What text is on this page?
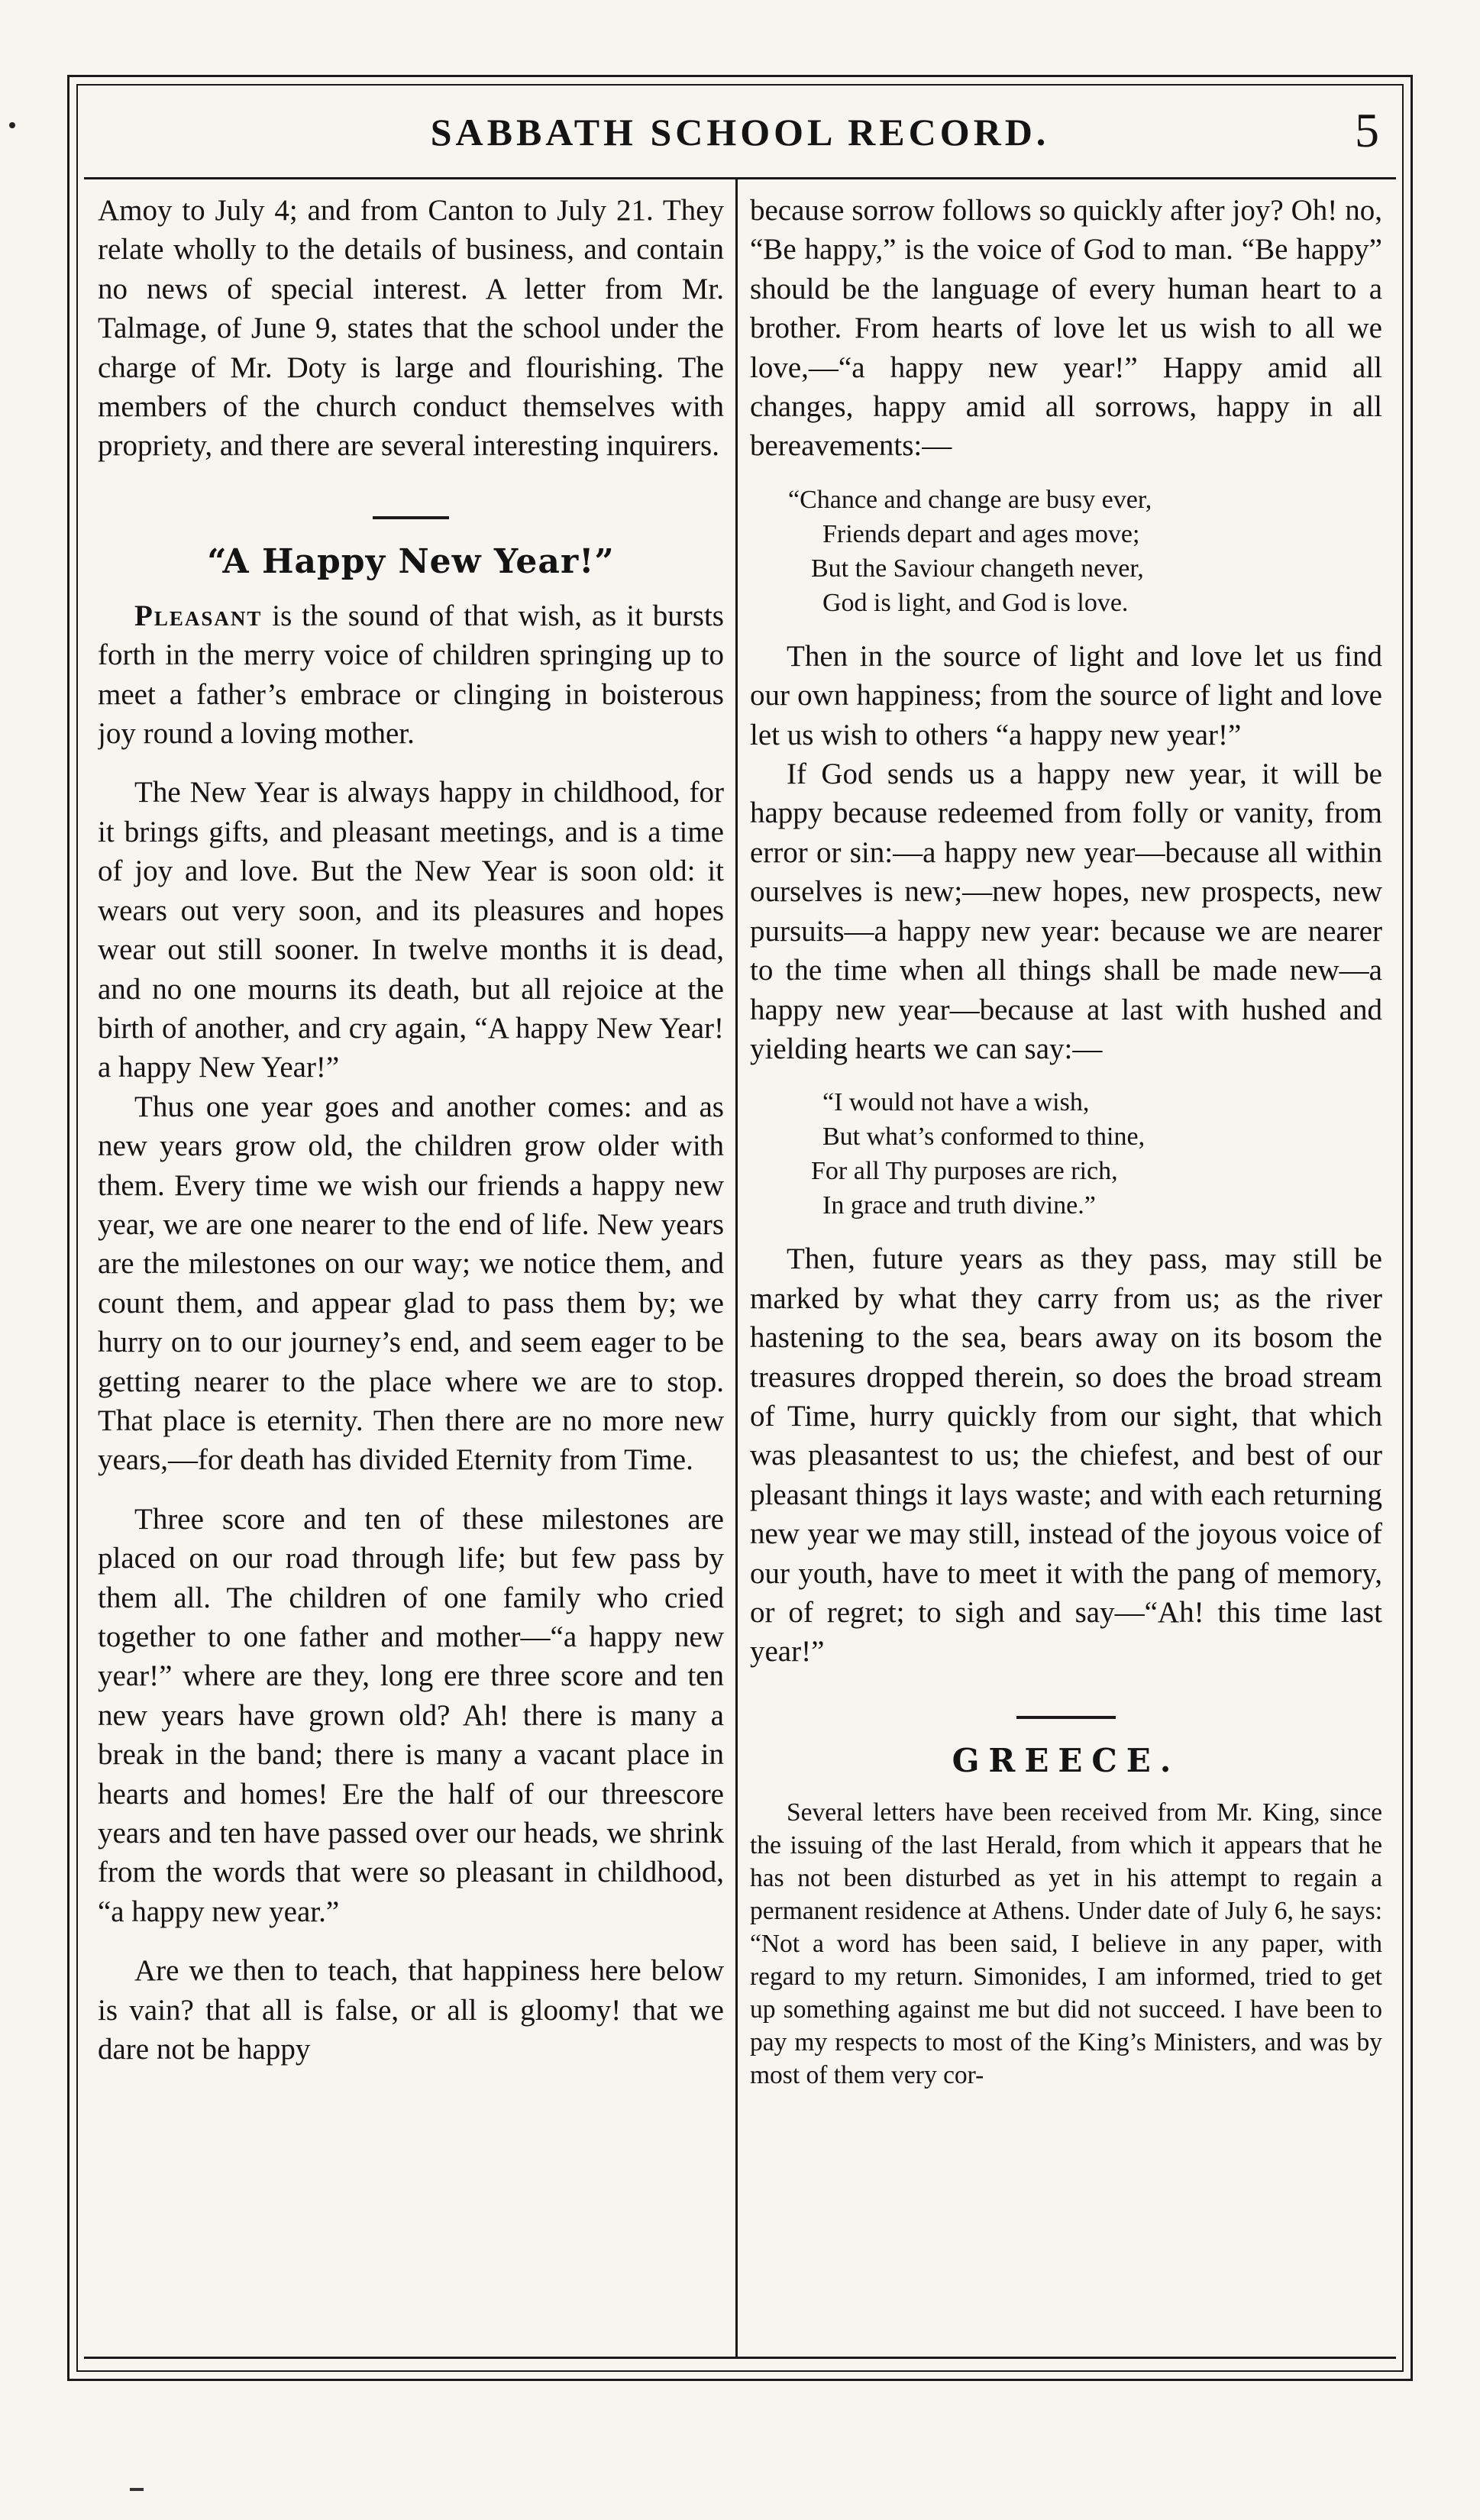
SABBATH SCHOOL RECORD.	5

Amoy to July 4; and from Canton to July 21. They relate wholly to the details of business, and contain no news of special interest. A letter from Mr. Talmage, of June 9, states that the school under the charge of Mr. Doty is large and flourishing. The members of the church conduct themselves with propriety, and there are several interesting inquirers.

“A Happy New Year!”

Pleasant is the sound of that wish, as it bursts forth in the merry voice of children springing up to meet a father’s embrace or clinging in boisterous joy round a loving mother.

The New Year is always happy in childhood, for it brings gifts, and pleasant meetings, and is a time of joy and love. But the New Year is soon old: it wears out very soon, and its pleasures and hopes wear out still sooner. In twelve months it is dead, and no one mourns its death, but all rejoice at the birth of another, and cry again, “A happy New Year! a happy New Year!”

Thus one year goes and another comes: and as new years grow old, the children grow older with them. Every time we wish our friends a happy new year, we are one nearer to the end of life. New years are the milestones on our way; we notice them, and count them, and appear glad to pass them by; we hurry on to our journey’s end, and seem eager to be getting nearer to the place where we are to stop. That place is eternity. Then there are no more new years,—for death has divided Eternity from Time.

Three score and ten of these milestones are placed on our road through life; but few pass by them all. The children of one family who cried together to one father and mother—“a happy new year!” where are they, long ere three score and ten new years have grown old? Ah! there is many a break in the band; there is many a vacant place in hearts and homes! Ere the half of our threescore years and ten have passed over our heads, we shrink from the words that were so pleasant in childhood, “a happy new year.”

Are we then to teach, that happiness here below is vain? that all is false, or all is gloomy! that we dare not be happy

because sorrow follows so quickly after joy? Oh! no, “Be happy,” is the voice of God to man. “Be happy” should be the language of every human heart to a brother. From hearts of love let us wish to all we love,—“a happy new year!” Happy amid all changes, happy amid all sorrows, happy in all bereavements:—

“Chance and change are busy ever,
Friends depart and ages move;
But the Saviour changeth never,
God is light, and God is love.

Then in the source of light and love let us find our own happiness; from the source of light and love let us wish to others “a happy new year!”

If God sends us a happy new year, it will be happy because redeemed from folly or vanity, from error or sin:—a happy new year—because all within ourselves is new;—new hopes, new prospects, new pursuits—a happy new year: because we are nearer to the time when all things shall be made new—a happy new year—because at last with hushed and yielding hearts we can say:—

“I would not have a wish,
But what’s conformed to thine,
For all Thy purposes are rich,
In grace and truth divine.”

Then, future years as they pass, may still be marked by what they carry from us; as the river hastening to the sea, bears away on its bosom the treasures dropped therein, so does the broad stream of Time, hurry quickly from our sight, that which was pleasantest to us; the chiefest, and best of our pleasant things it lays waste; and with each returning new year we may still, instead of the joyous voice of our youth, have to meet it with the pang of memory, or of regret; to sigh and say—“Ah! this time last year!”

GREECE.

Several letters have been received from Mr. King, since the issuing of the last Herald, from which it appears that he has not been disturbed as yet in his attempt to regain a permanent residence at Athens. Under date of July 6, he says: “Not a word has been said, I believe in any paper, with regard to my return. Simonides, I am informed, tried to get up something against me but did not succeed. I have been to pay my respects to most of the King’s Ministers, and was by most of them very cor-
